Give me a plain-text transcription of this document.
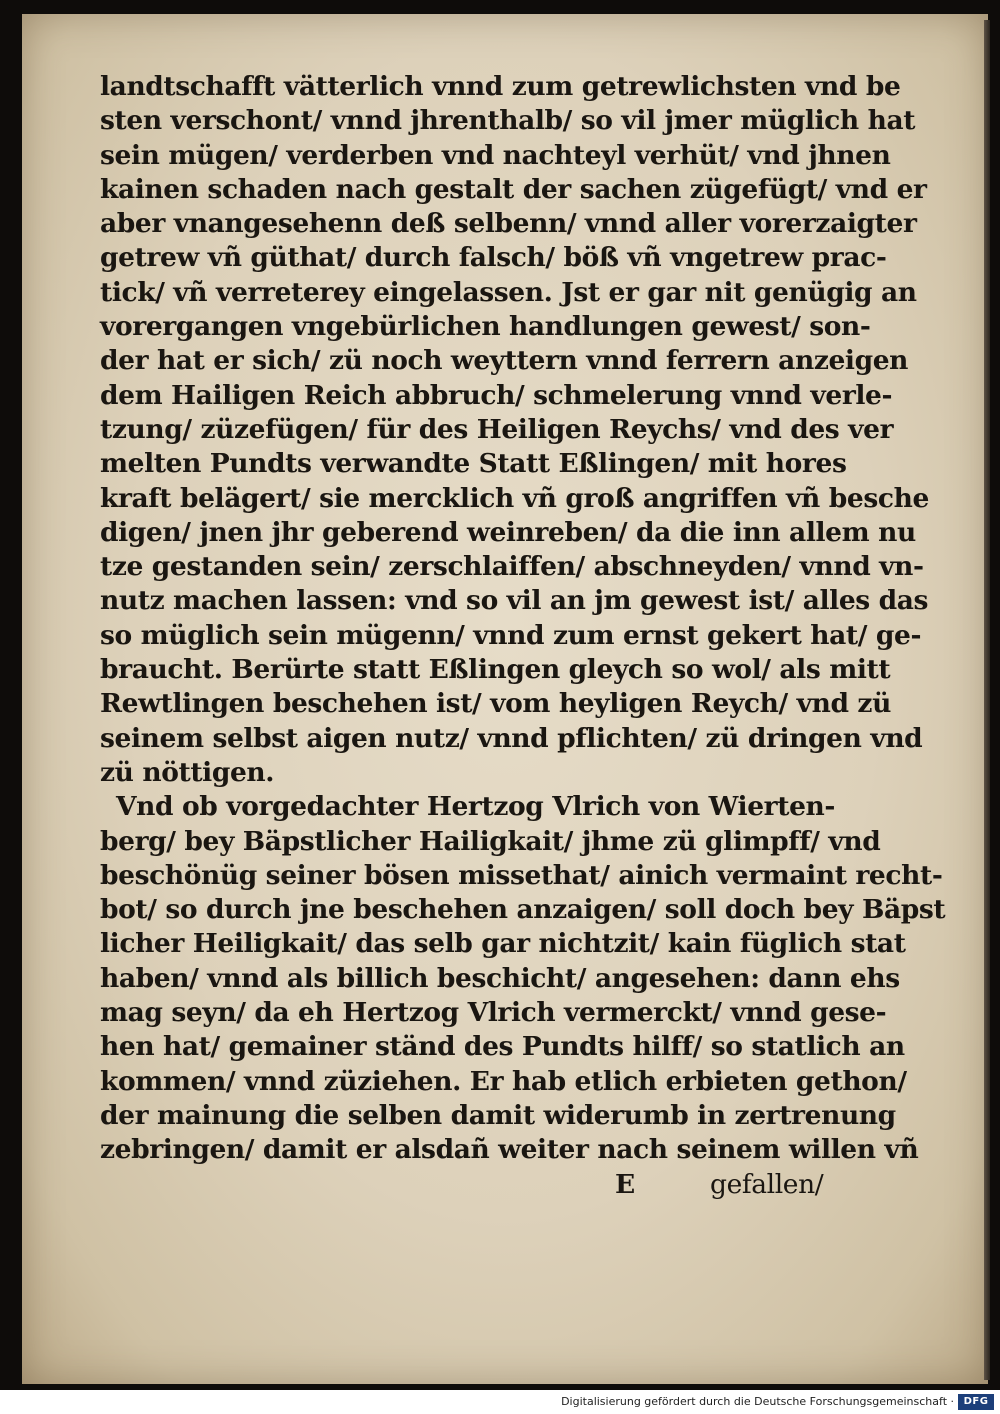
landtschafft vätterlich vnnd zum getrewlichsten vnd be
sten verschont/ vnnd jhrenthalb/ so vil jmer müglich hat
sein mügen/ verderben vnd nachteyl verhüt/ vnd jhnen
kainen schaden nach gestalt der sachen zügefügt/ vnd er
aber vnangesehenn deß selbenn/ vnnd aller vorerzaigter
getrew vñ güthat/ durch falsch/ böß vñ vngetrew prac-
tick/ vñ verreterey eingelassen. Jst er gar nit genügig an
vorergangen vngebürlichen handlungen gewest/ son-
der hat er sich/ zü noch weyttern vnnd ferrern anzeigen
dem Hailigen Reich abbruch/ schmelerung vnnd verle-
tzung/ züzefügen/ für des Heiligen Reychs/ vnd des ver
melten Pundts verwandte Statt Eßlingen/ mit hores
kraft belägert/ sie mercklich vñ groß angriffen vñ besche
digen/ jnen jhr geberend weinreben/ da die inn allem nu
tze gestanden sein/ zerschlaiffen/ abschneyden/ vnnd vn-
nutz machen lassen: vnd so vil an jm gewest ist/ alles das
so müglich sein mügenn/ vnnd zum ernst gekert hat/ ge-
braucht. Berürte statt Eßlingen gleych so wol/ als mitt
Rewtlingen beschehen ist/ vom heyligen Reych/ vnd zü
seinem selbst aigen nutz/ vnnd pflichten/ zü dringen vnd
zü nöttigen.
Vnd ob vorgedachter Hertzog Vlrich von Wierten-
berg/ bey Bäpstlicher Hailigkait/ jhme zü glimpff/ vnd
beschönüg seiner bösen missethat/ ainich vermaint recht-
bot/ so durch jne beschehen anzaigen/ soll doch bey Bäpst
licher Heiligkait/ das selb gar nichtzit/ kain füglich stat
haben/ vnnd als billich beschicht/ angesehen: dann ehs
mag seyn/ da eh Hertzog Vlrich vermerckt/ vnnd gese-
hen hat/ gemainer ständ des Pundts hilff/ so statlich an
kommen/ vnnd züziehen. Er hab etlich erbieten gethon/
der mainung die selben damit widerumb in zertrenung
zebringen/ damit er alsdañ weiter nach seinem willen vñ
E	gefallen/
Digitalisierung gefördert durch die Deutsche Forschungsgemeinschaft · DFG
